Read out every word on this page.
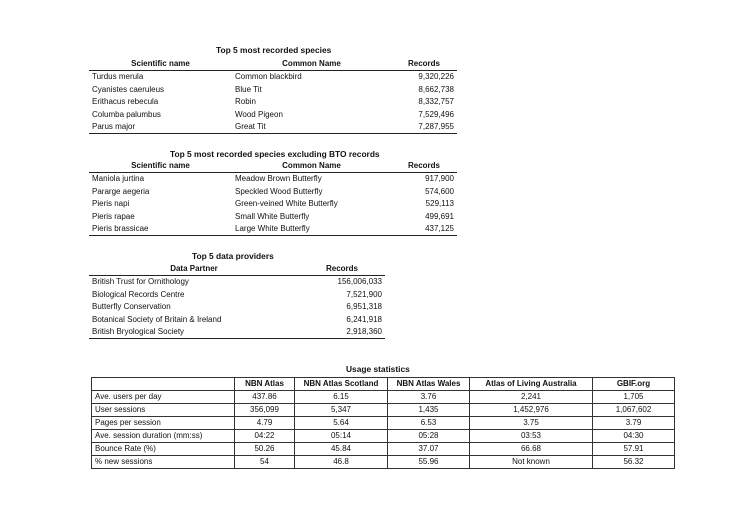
Top 5 most recorded species
Scientific name	Common Name	Records
Turdus merula	Common blackbird	9,320,226
Cyanistes caeruleus	Blue Tit	8,662,738
Erithacus rebecula	Robin	8,332,757
Columba palumbus	Wood Pigeon	7,529,496
Parus major	Great Tit	7,287,955
Top 5 most recorded species excluding BTO records
Scientific name	Common Name	Records
Maniola jurtina	Meadow Brown Butterfly	917,900
Pararge aegeria	Speckled Wood Butterfly	574,600
Pieris napi	Green-veined White Butterfly	529,113
Pieris rapae	Small White Butterfly	499,691
Pieris brassicae	Large White Butterfly	437,125
Top 5 data providers
Data Partner	Records
British Trust for Ornithology	156,006,033
Biological Records Centre	7,521,900
Butterfly Conservation	6,951,318
Botanical Society of Britain & Ireland	6,241,918
British Bryological Society	2,918,360
Usage statistics
	NBN Atlas	NBN Atlas Scotland	NBN Atlas Wales	Atlas of Living Australia	GBIF.org
Ave. users per day	437.86	6.15	3.76	2,241	1,705
User sessions	356,099	5,347	1,435	1,452,976	1,067,602
Pages per session	4.79	5.64	6.53	3.75	3.79
Ave. session duration (mm:ss)	04:22	05:14	05:28	03:53	04:30
Bounce Rate (%)	50.26	45.84	37.07	66.68	57.91
% new sessions	54	46.8	55.96	Not known	56.32
